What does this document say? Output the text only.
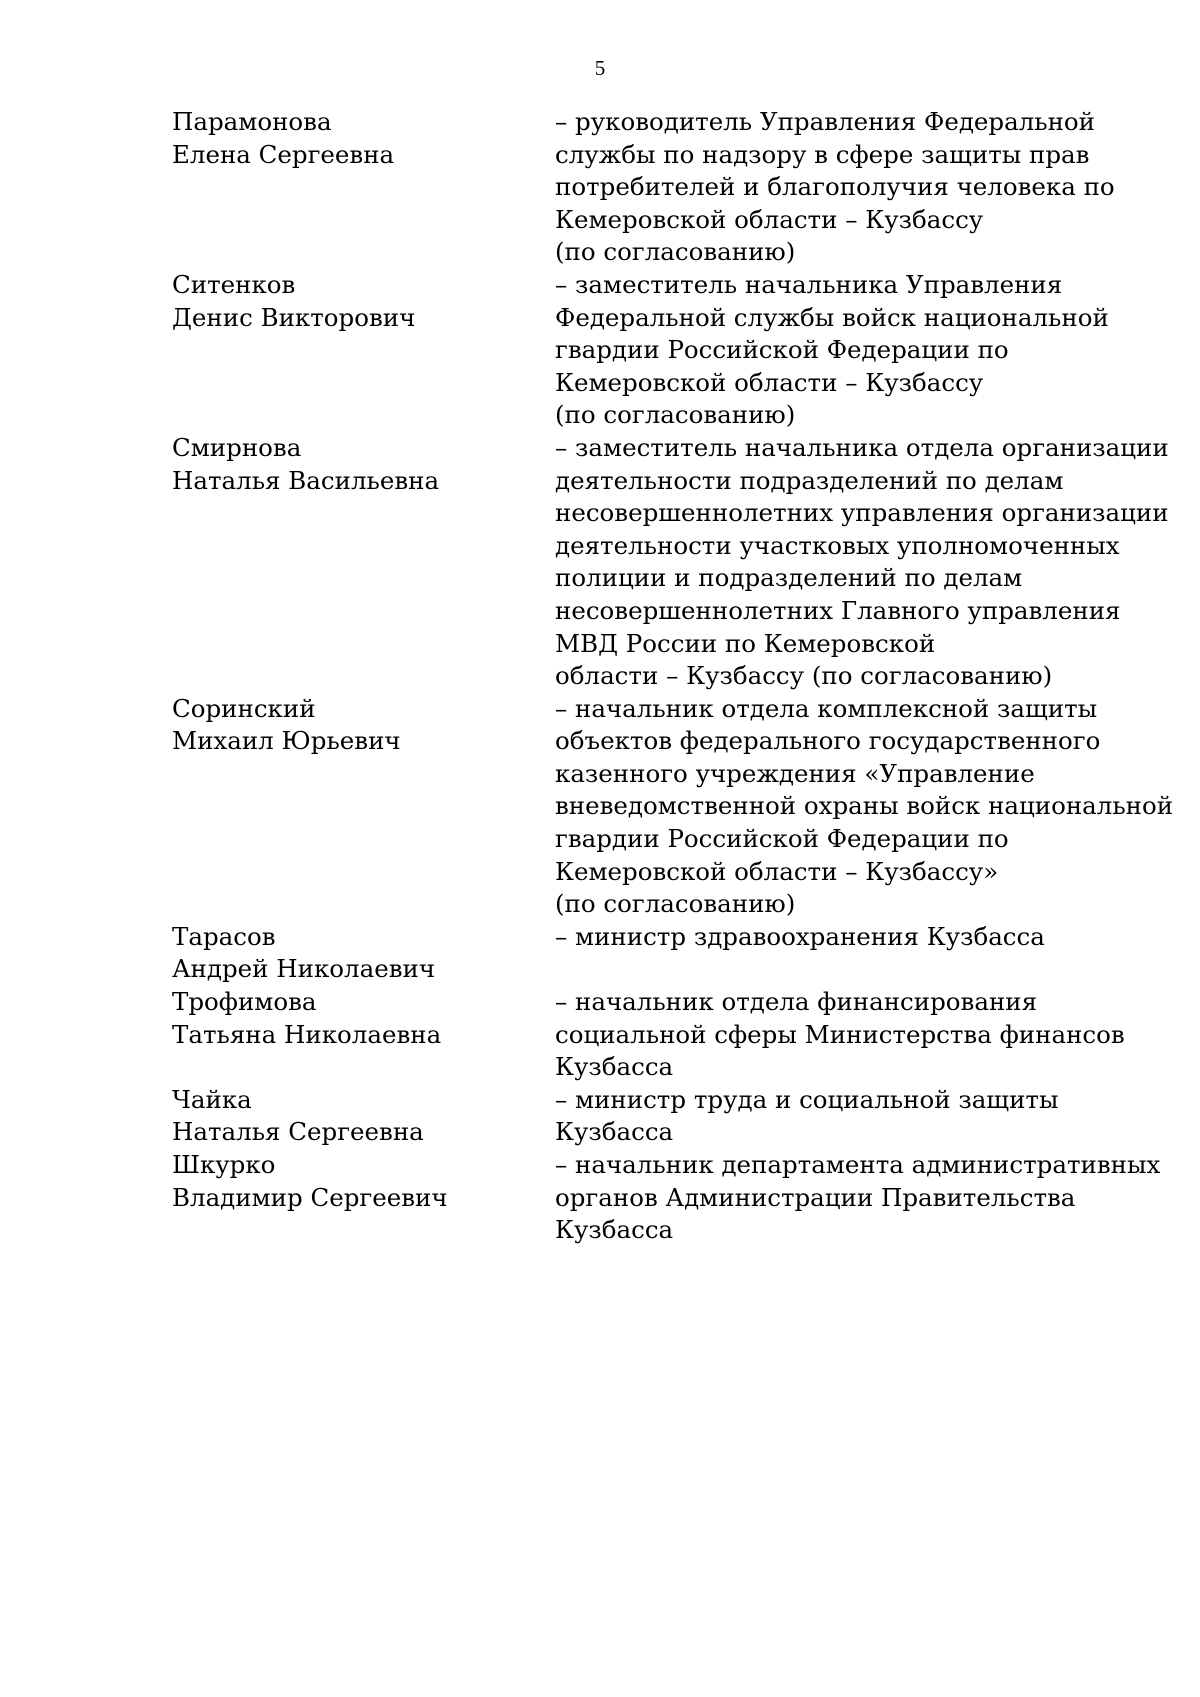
5
Парамонова
Елена Сергеевна
– руководитель Управления Федеральной
службы по надзору в сфере защиты прав
потребителей и благополучия человека по
Кемеровской области – Кузбассу
(по согласованию)
Ситенков
Денис Викторович
– заместитель начальника Управления
Федеральной службы войск национальной
гвардии Российской Федерации по
Кемеровской области – Кузбассу
(по согласованию)
Смирнова
Наталья Васильевна
– заместитель начальника отдела организации
деятельности подразделений по делам
несовершеннолетних управления организации
деятельности участковых уполномоченных
полиции и подразделений по делам
несовершеннолетних Главного управления
МВД России по Кемеровской
области – Кузбассу (по согласованию)
Соринский
Михаил Юрьевич
– начальник отдела комплексной защиты
объектов федерального государственного
казенного учреждения «Управление
вневедомственной охраны войск национальной
гвардии Российской Федерации по
Кемеровской области – Кузбассу»
(по согласованию)
Тарасов
Андрей Николаевич
– министр здравоохранения Кузбасса

Трофимова
Татьяна Николаевна
– начальник отдела финансирования
социальной сферы Министерства финансов
Кузбасса
Чайка
Наталья Сергеевна
– министр труда и социальной защиты
Кузбасса
Шкурко
Владимир Сергеевич
– начальник департамента административных
органов Администрации Правительства
Кузбасса
